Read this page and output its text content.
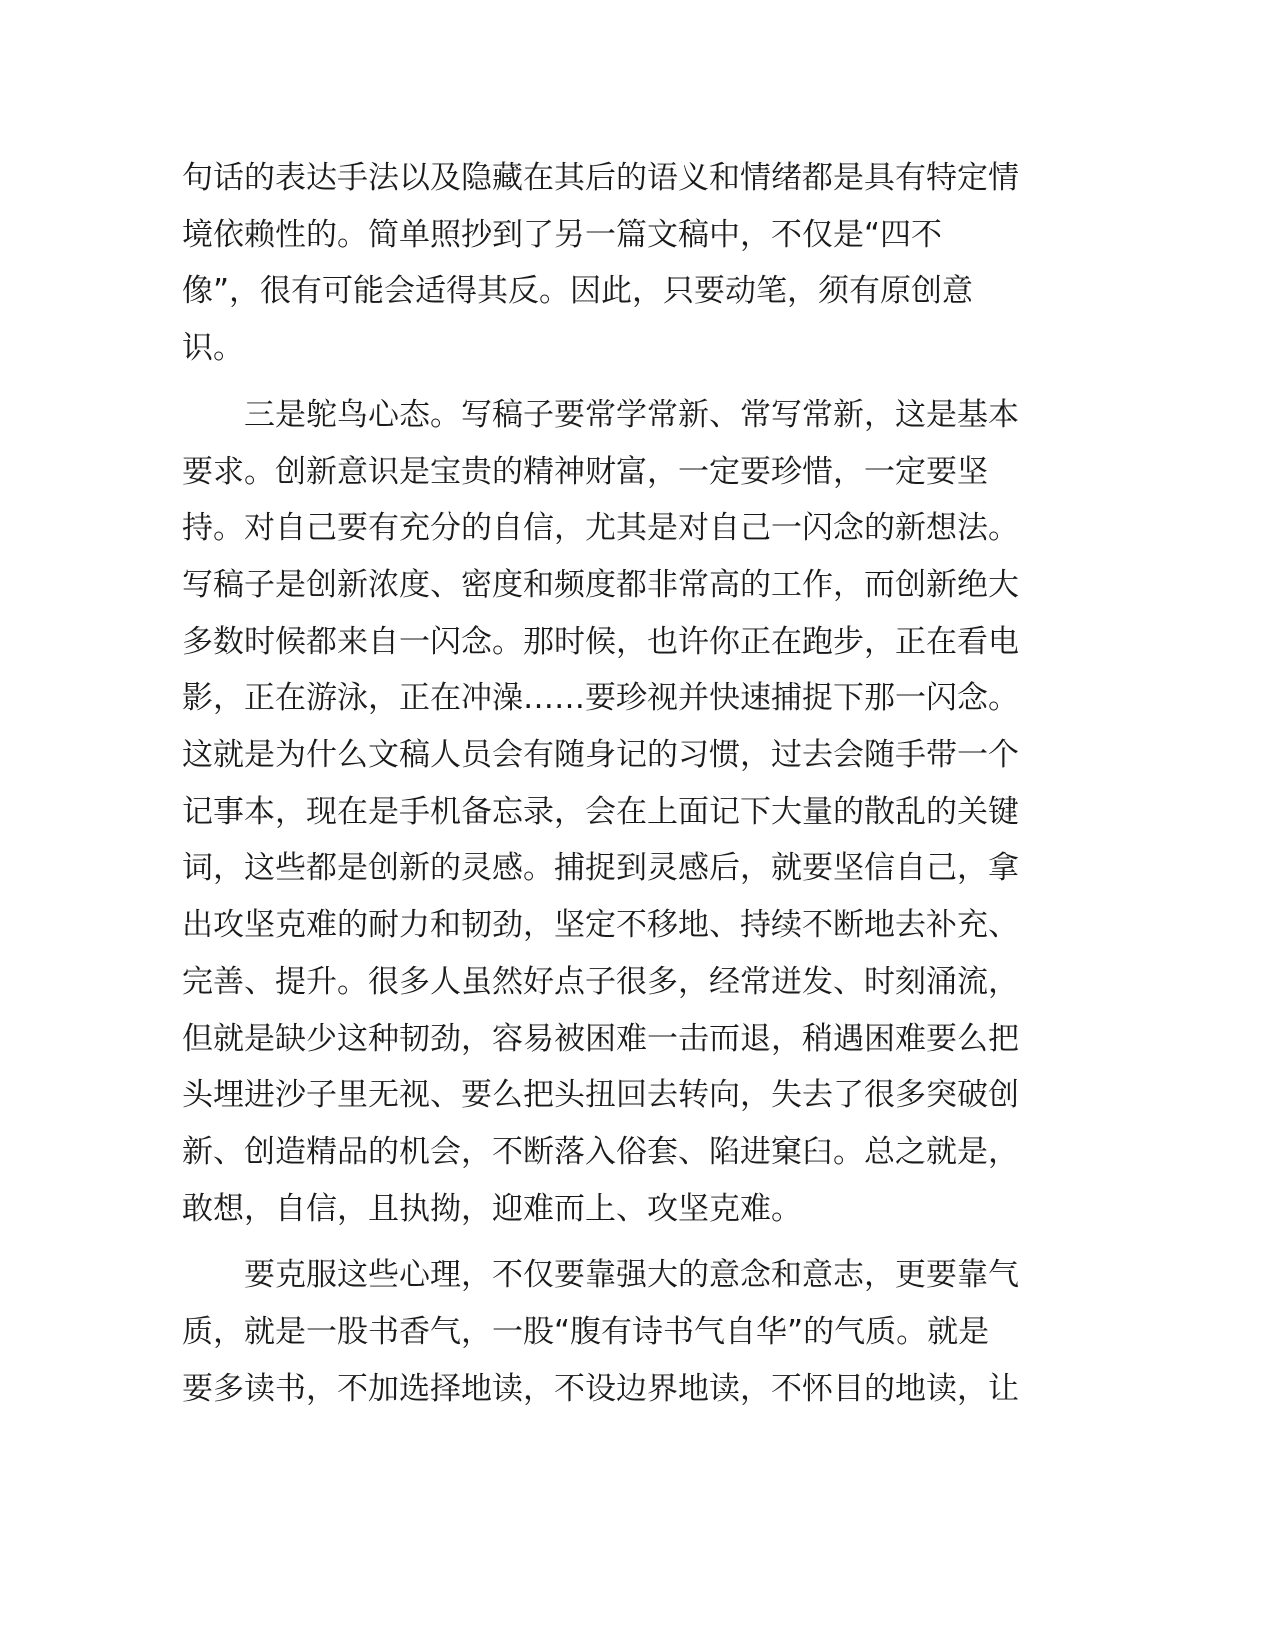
句话的表达手法以及隐藏在其后的语义和情绪都是具有特定情
境依赖性的。简单照抄到了另一篇文稿中，不仅是“四不
像”，很有可能会适得其反。因此，只要动笔，须有原创意
识。

三是鸵鸟心态。写稿子要常学常新、常写常新，这是基本
要求。创新意识是宝贵的精神财富，一定要珍惜，一定要坚
持。对自己要有充分的自信，尤其是对自己一闪念的新想法。
写稿子是创新浓度、密度和频度都非常高的工作，而创新绝大
多数时候都来自一闪念。那时候，也许你正在跑步，正在看电
影，正在游泳，正在冲澡……要珍视并快速捕捉下那一闪念。
这就是为什么文稿人员会有随身记的习惯，过去会随手带一个
记事本，现在是手机备忘录，会在上面记下大量的散乱的关键
词，这些都是创新的灵感。捕捉到灵感后，就要坚信自己，拿
出攻坚克难的耐力和韧劲，坚定不移地、持续不断地去补充、
完善、提升。很多人虽然好点子很多，经常迸发、时刻涌流，
但就是缺少这种韧劲，容易被困难一击而退，稍遇困难要么把
头埋进沙子里无视、要么把头扭回去转向，失去了很多突破创
新、创造精品的机会，不断落入俗套、陷进窠臼。总之就是，
敢想，自信，且执拗，迎难而上、攻坚克难。

要克服这些心理，不仅要靠强大的意念和意志，更要靠气
质，就是一股书香气，一股“腹有诗书气自华”的气质。就是
要多读书，不加选择地读，不设边界地读，不怀目的地读，让
